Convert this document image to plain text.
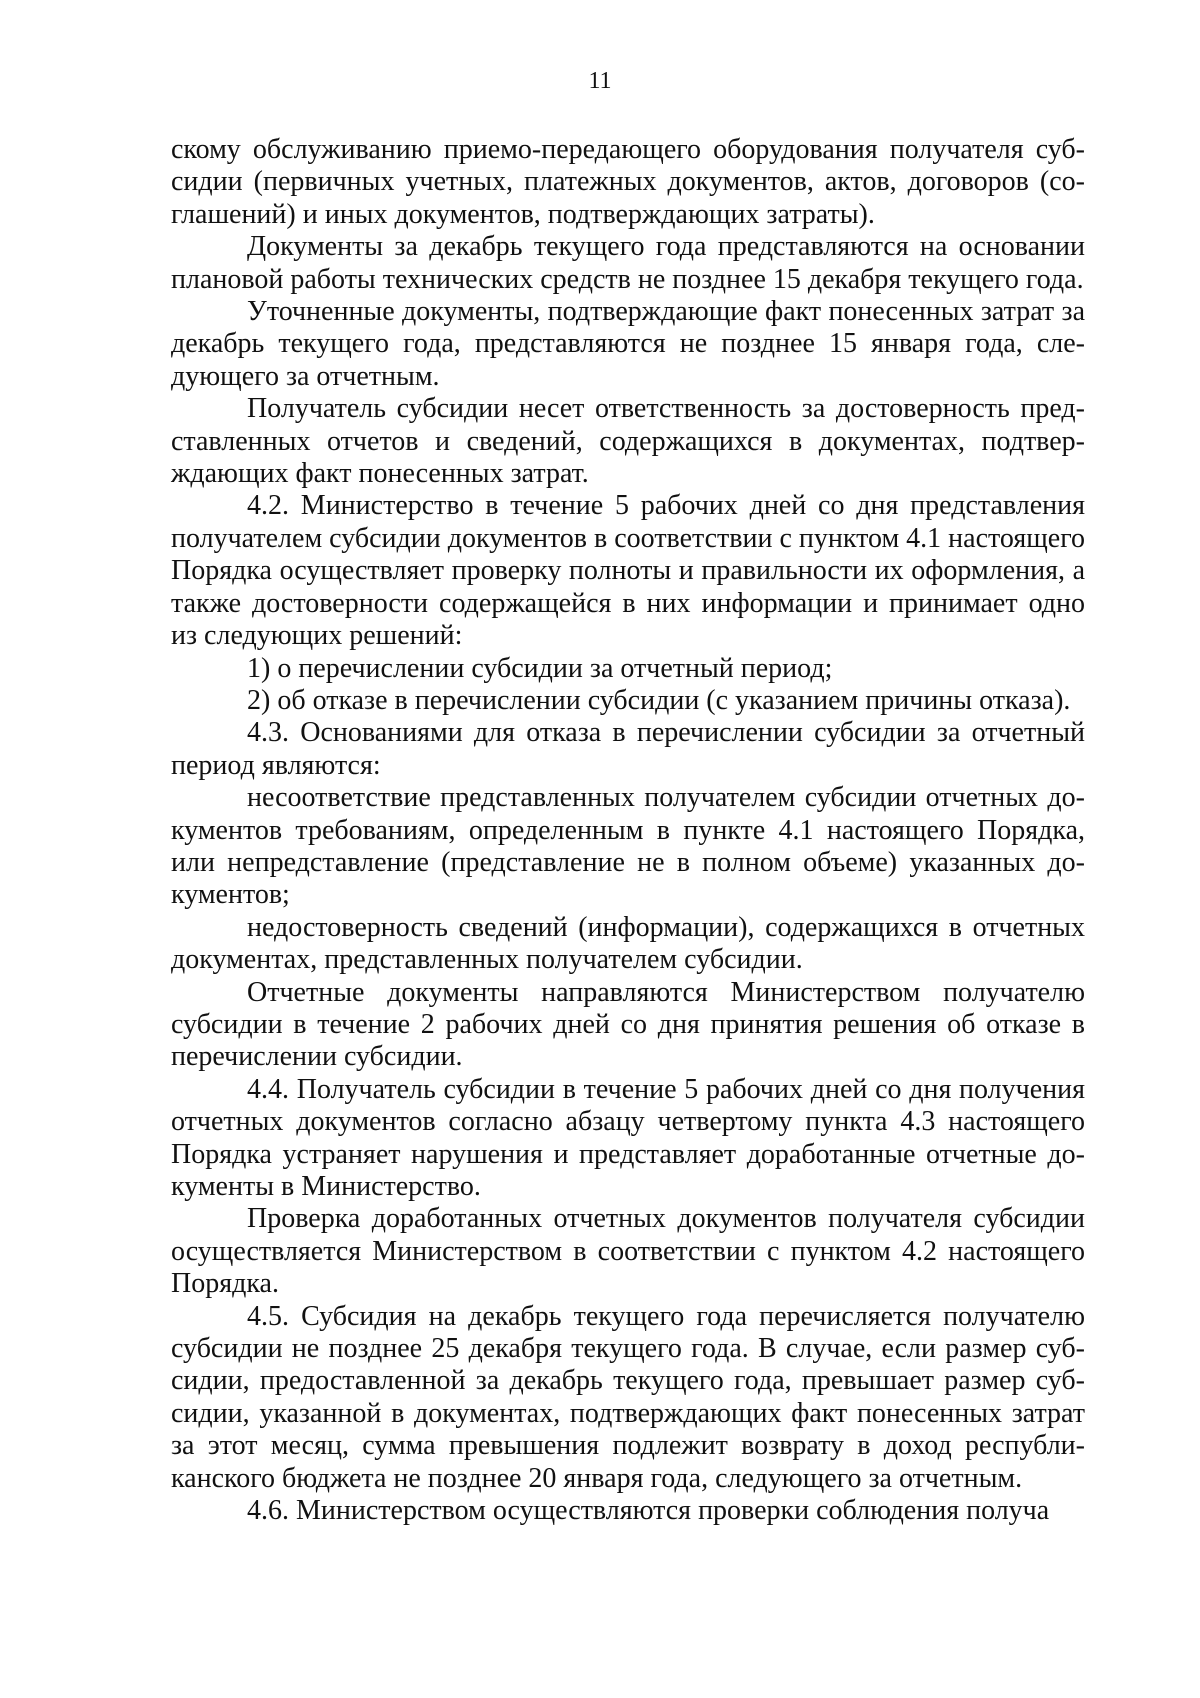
11

скому обслуживанию приемо-передающего оборудования получателя субсидии (первичных учетных, платежных документов, актов, договоров (соглашений) и иных документов, подтверждающих затраты).

Документы за декабрь текущего года представляются на основании плановой работы технических средств не позднее 15 декабря текущего года.

Уточненные документы, подтверждающие факт понесенных затрат за декабрь текущего года, представляются не позднее 15 января года, следующего за отчетным.

Получатель субсидии несет ответственность за достоверность представленных отчетов и сведений, содержащихся в документах, подтверждающих факт понесенных затрат.

4.2. Министерство в течение 5 рабочих дней со дня представления получателем субсидии документов в соответствии с пунктом 4.1 настоящего Порядка осуществляет проверку полноты и правильности их оформления, а также достоверности содержащейся в них информации и принимает одно из следующих решений:

1) о перечислении субсидии за отчетный период;

2) об отказе в перечислении субсидии (с указанием причины отказа).

4.3. Основаниями для отказа в перечислении субсидии за отчетный период являются:

несоответствие представленных получателем субсидии отчетных документов требованиям, определенным в пункте 4.1 настоящего Порядка, или непредставление (представление не в полном объеме) указанных документов;

недостоверность сведений (информации), содержащихся в отчетных документах, представленных получателем субсидии.

Отчетные документы направляются Министерством получателю субсидии в течение 2 рабочих дней со дня принятия решения об отказе в перечислении субсидии.

4.4. Получатель субсидии в течение 5 рабочих дней со дня получения отчетных документов согласно абзацу четвертому пункта 4.3 настоящего Порядка устраняет нарушения и представляет доработанные отчетные документы в Министерство.

Проверка доработанных отчетных документов получателя субсидии осуществляется Министерством в соответствии с пунктом 4.2 настоящего Порядка.

4.5. Субсидия на декабрь текущего года перечисляется получателю субсидии не позднее 25 декабря текущего года. В случае, если размер субсидии, предоставленной за декабрь текущего года, превышает размер субсидии, указанной в документах, подтверждающих факт понесенных затрат за этот месяц, сумма превышения подлежит возврату в доход республиканского бюджета не позднее 20 января года, следующего за отчетным.

4.6. Министерством осуществляются проверки соблюдения получа
